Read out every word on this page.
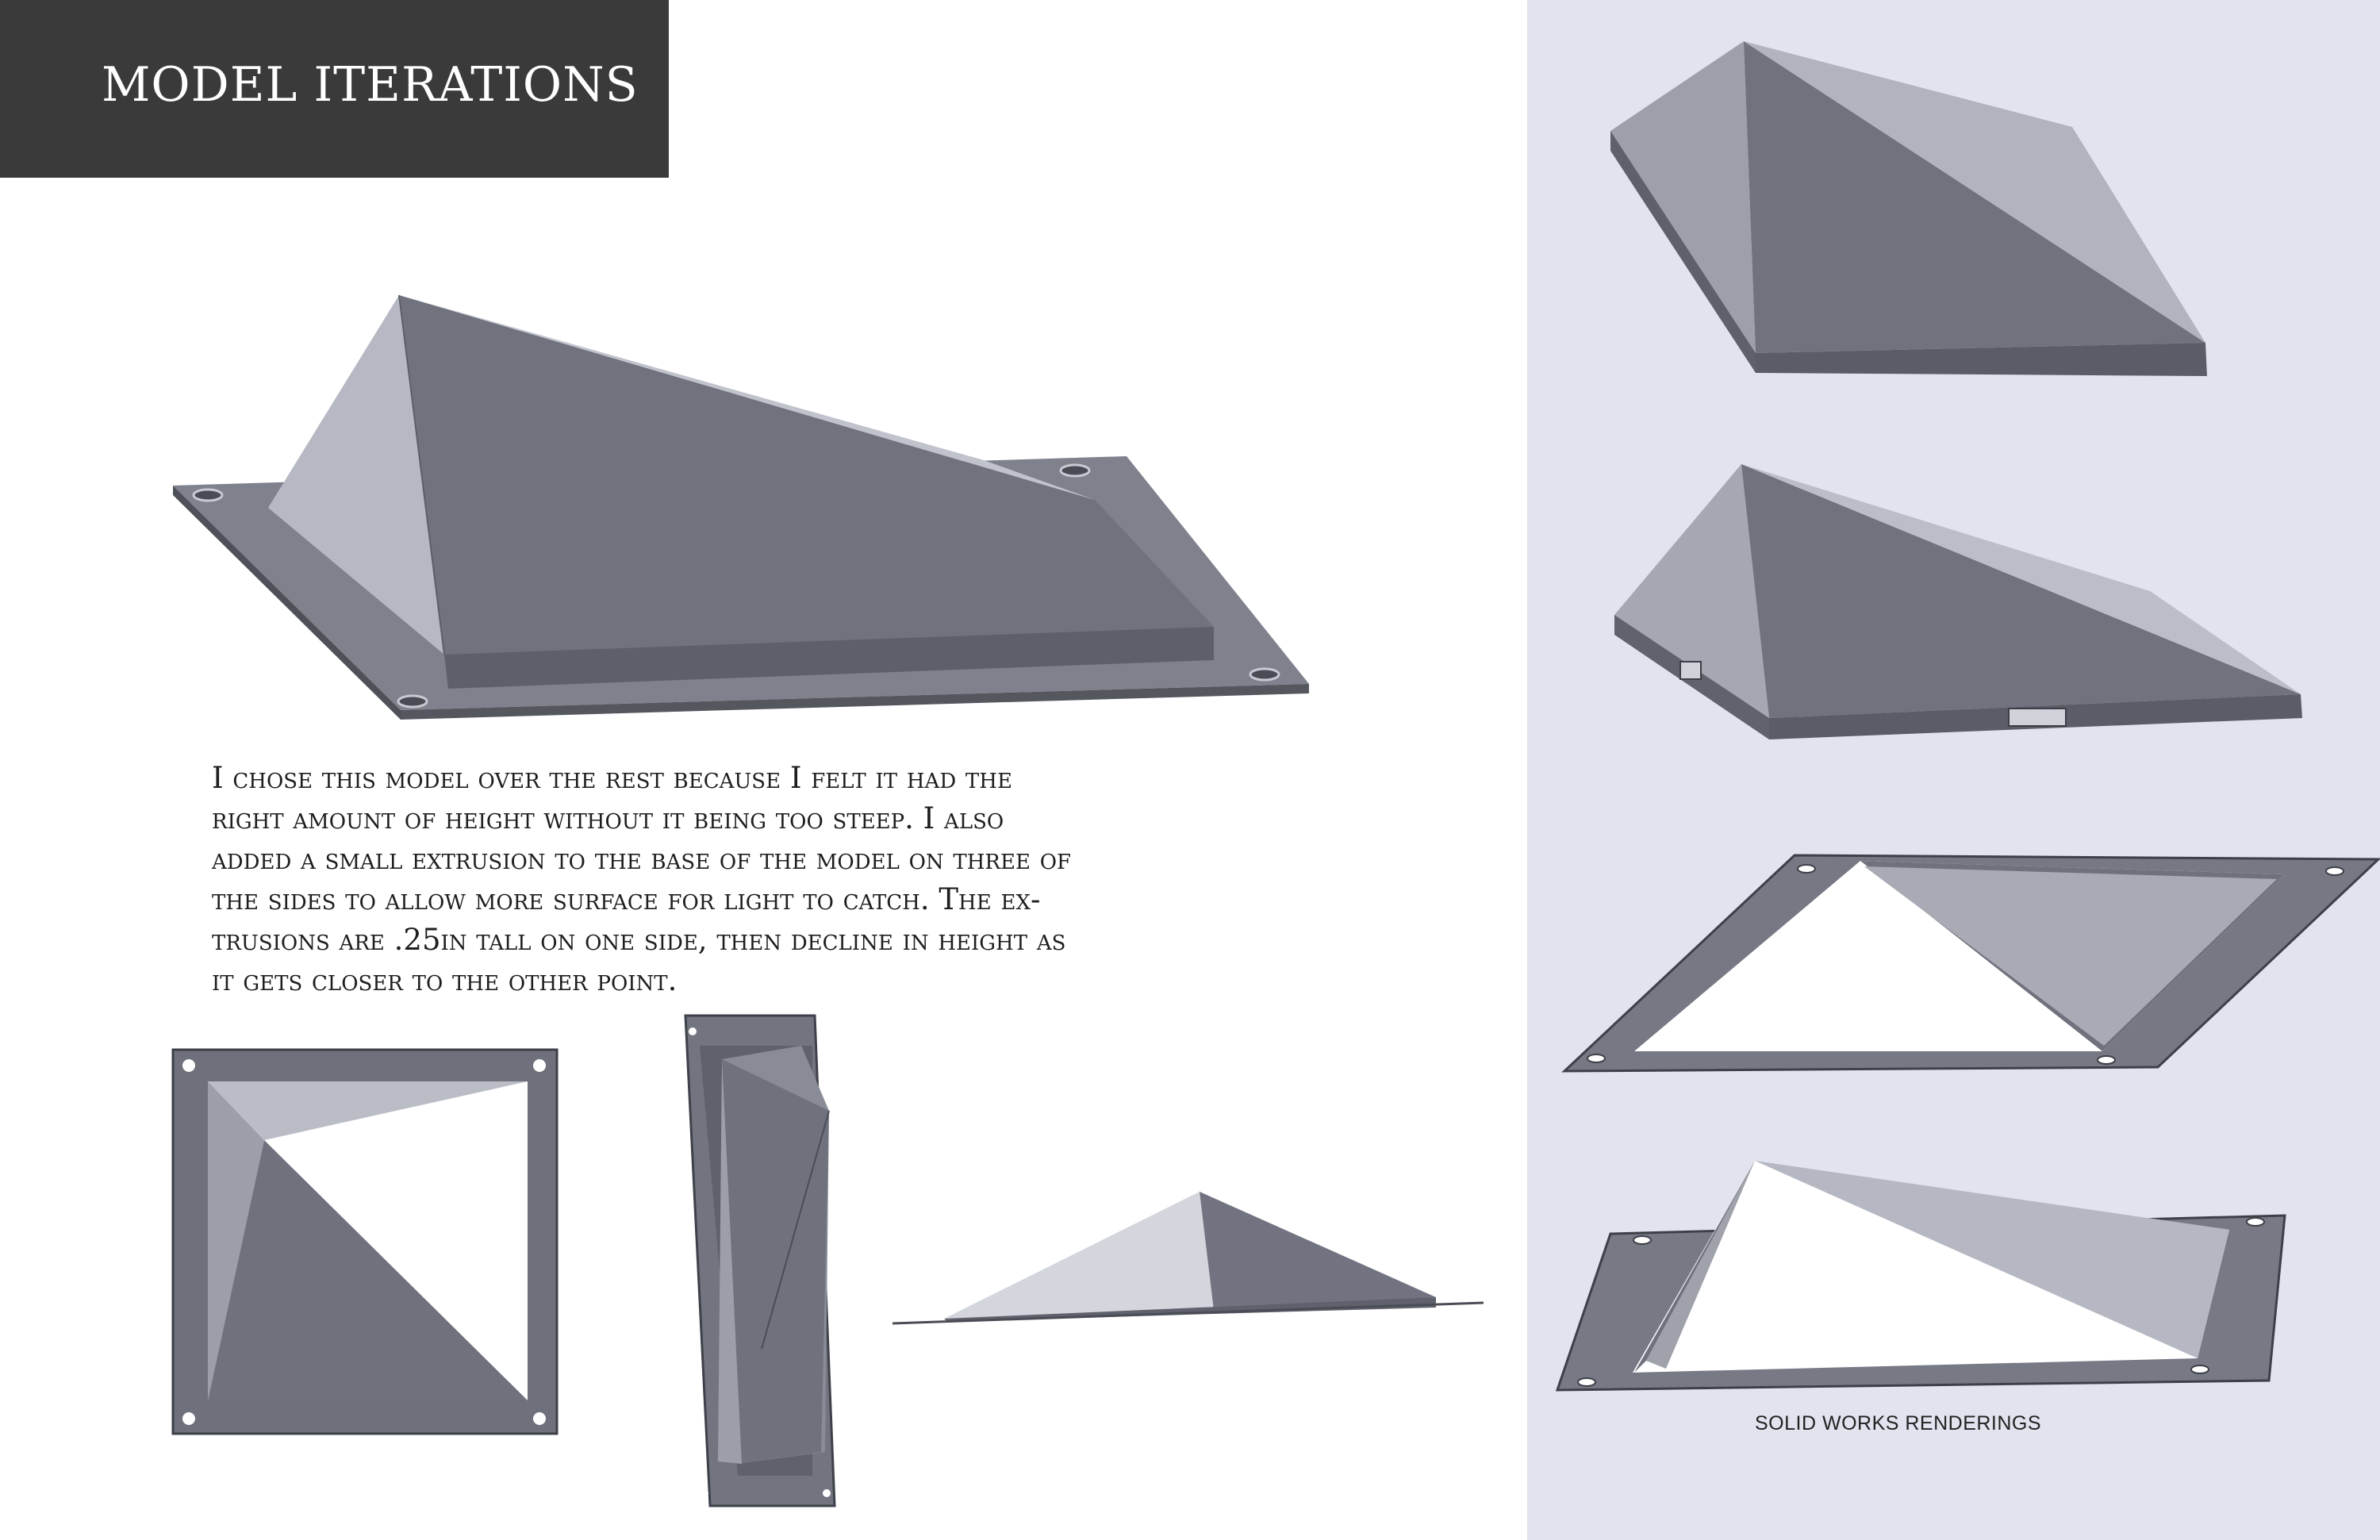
MODEL ITERATIONS
I chose this model over the rest because I felt it had the
right amount of height without it being too steep. I also
added a small extrusion to the base of the model on three of
the sides to allow more surface for light to catch. The ex-
trusions are .25in tall on one side, then decline in height as
it gets closer to the other point.
SOLID WORKS RENDERINGS
